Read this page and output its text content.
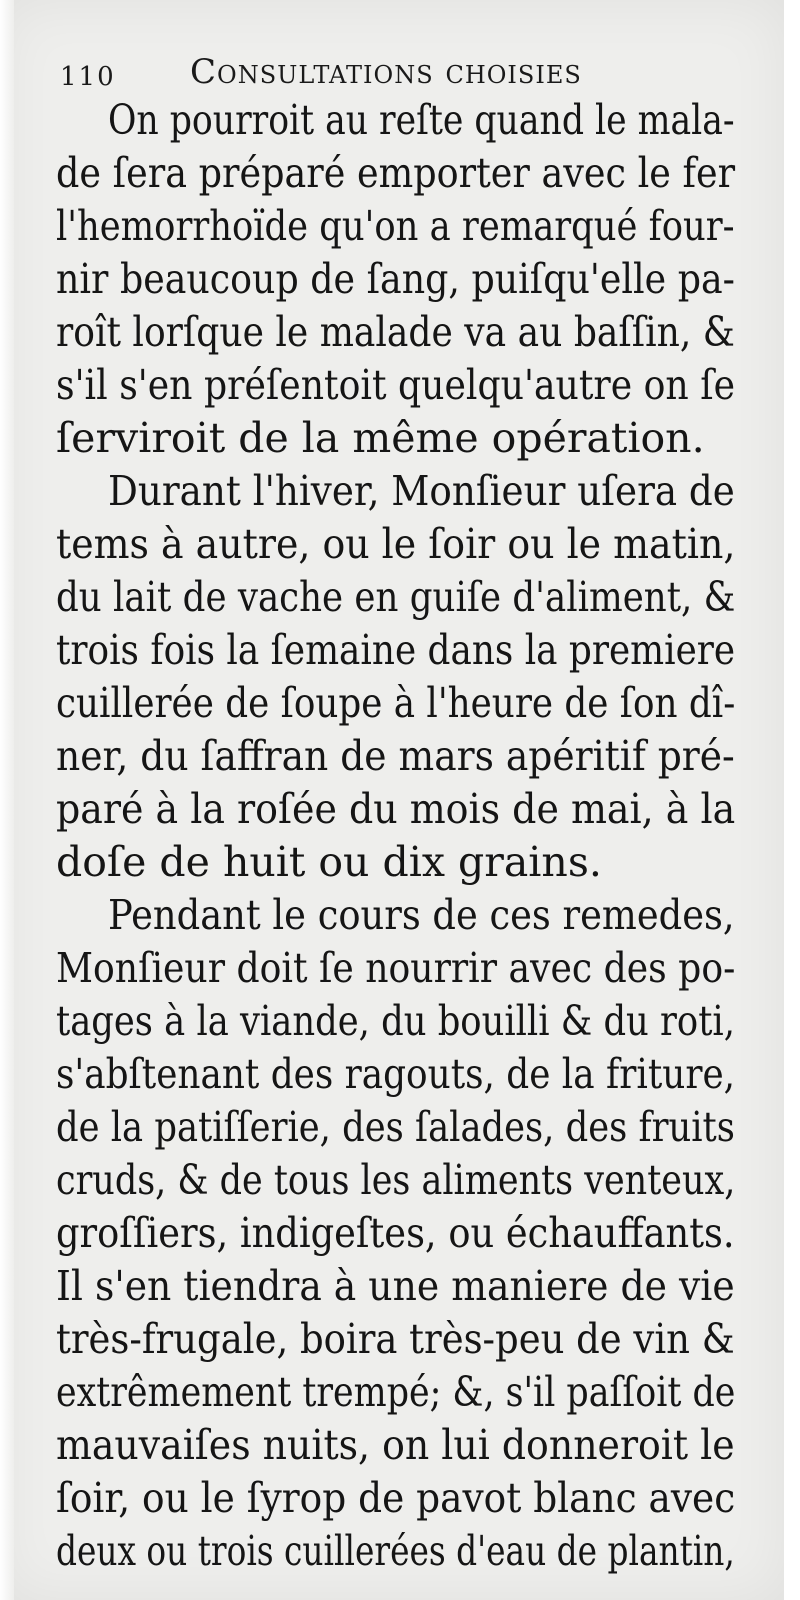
110 Consultations choisies
On pourroit au reſte quand le mala-
de ſera préparé emporter avec le fer
l'hemorrhoïde qu'on a remarqué four-
nir beaucoup de ſang, puiſqu'elle pa-
roît lorſque le malade va au baſſin, &
s'il s'en préſentoit quelqu'autre on ſe
ſerviroit de la même opération.
Durant l'hiver, Monſieur uſera de
tems à autre, ou le ſoir ou le matin,
du lait de vache en guiſe d'aliment, &
trois fois la ſemaine dans la premiere
cuillerée de ſoupe à l'heure de ſon dî-
ner, du ſaffran de mars apéritif pré-
paré à la roſée du mois de mai, à la
doſe de huit ou dix grains.
Pendant le cours de ces remedes,
Monſieur doit ſe nourrir avec des po-
tages à la viande, du bouilli & du roti,
s'abſtenant des ragouts, de la friture,
de la patiſſerie, des ſalades, des fruits
cruds, & de tous les aliments venteux,
groſſiers, indigeſtes, ou échauffants.
Il s'en tiendra à une maniere de vie
très-frugale, boira très-peu de vin &
extrêmement trempé; &, s'il paſſoit de
mauvaiſes nuits, on lui donneroit le
ſoir, ou le ſyrop de pavot blanc avec
deux ou trois cuillerées d'eau de plantin,
